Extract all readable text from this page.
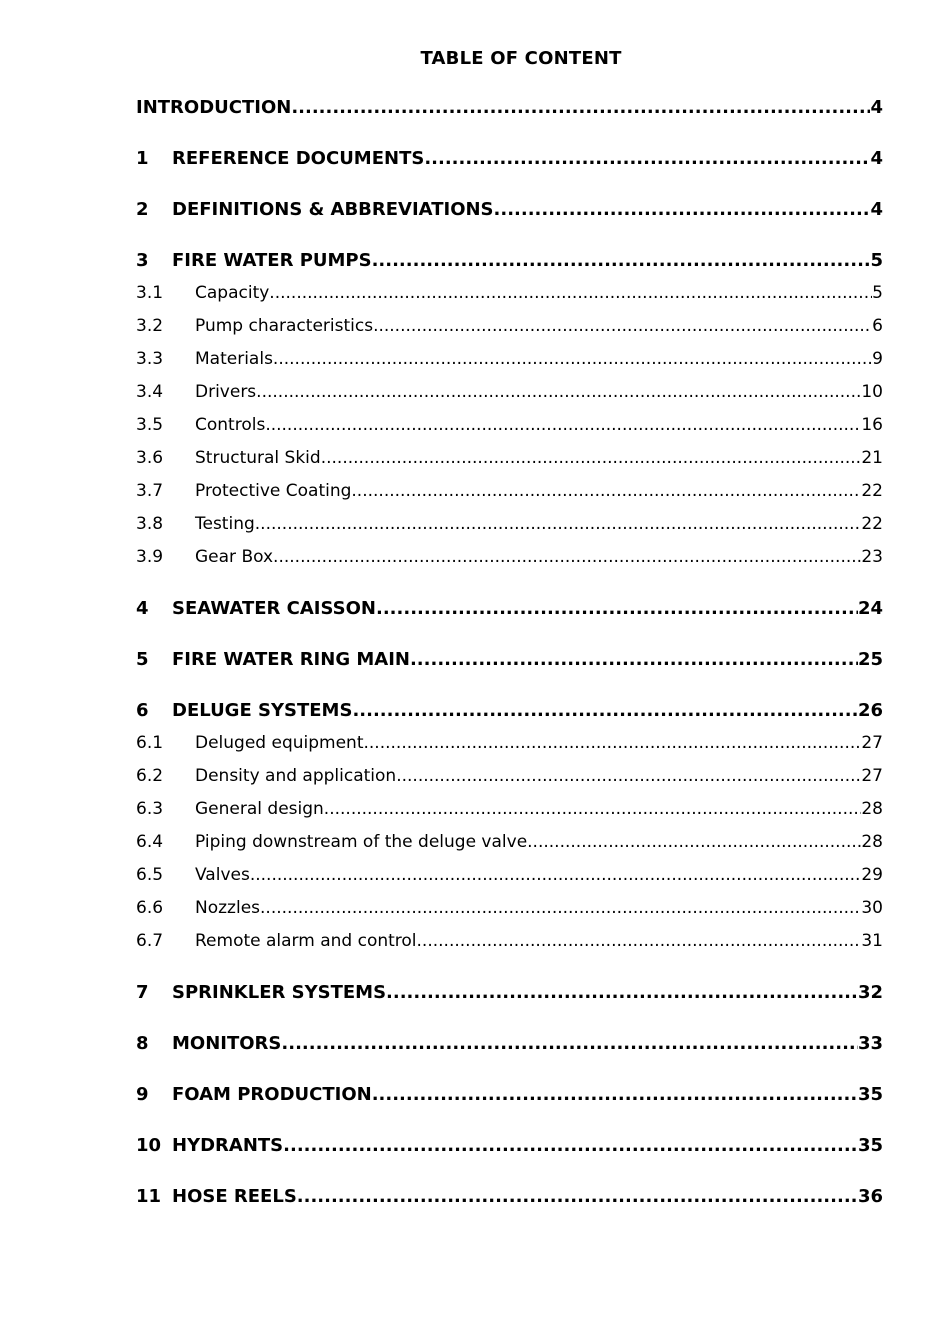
TABLE OF CONTENT
INTRODUCTION .....	4
1	REFERENCE DOCUMENTS .....	4
2	DEFINITIONS & ABBREVIATIONS .....	4
3	FIRE WATER PUMPS .....	5
3.1	Capacity .....	5
3.2	Pump characteristics .....	6
3.3	Materials .....	9
3.4	Drivers .....	10
3.5	Controls .....	16
3.6	Structural Skid .....	21
3.7	Protective Coating .....	22
3.8	Testing .....	22
3.9	Gear Box .....	23
4	SEAWATER CAISSON .....	24
5	FIRE WATER RING MAIN .....	25
6	DELUGE SYSTEMS .....	26
6.1	Deluged equipment .....	27
6.2	Density and application .....	27
6.3	General design .....	28
6.4	Piping downstream of the deluge valve .....	28
6.5	Valves .....	29
6.6	Nozzles .....	30
6.7	Remote alarm and control .....	31
7	SPRINKLER SYSTEMS .....	32
8	MONITORS .....	33
9	FOAM PRODUCTION .....	35
10 HYDRANTS .....	35
11 HOSE REELS .....	36
